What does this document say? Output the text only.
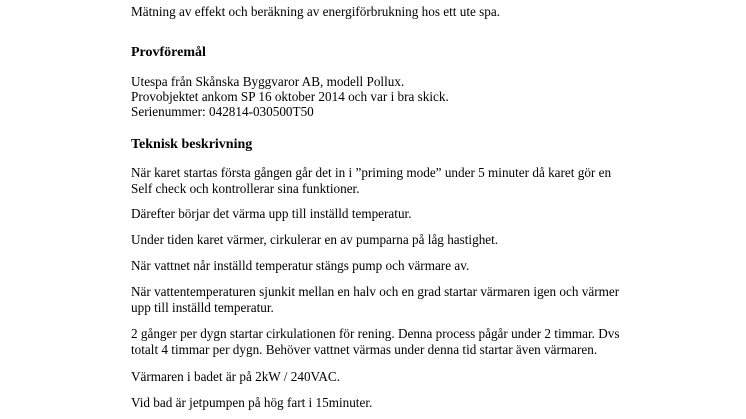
Mätning av effekt och beräkning av energiförbrukning hos ett ute spa.
Provföremål
Utespa från Skånska Byggvaror AB, modell Pollux.
Provobjektet ankom SP 16 oktober 2014 och var i bra skick.
Serienummer: 042814-030500T50
Teknisk beskrivning
När karet startas första gången går det in i ”priming mode” under 5 minuter då karet gör en
Self check och kontrollerar sina funktioner.
Därefter börjar det värma upp till inställd temperatur.
Under tiden karet värmer, cirkulerar en av pumparna på låg hastighet.
När vattnet når inställd temperatur stängs pump och värmare av.
När vattentemperaturen sjunkit mellan en halv och en grad startar värmaren igen och värmer
upp till inställd temperatur.
2 gånger per dygn startar cirkulationen för rening. Denna process pågår under 2 timmar. Dvs
totalt 4 timmar per dygn. Behöver vattnet värmas under denna tid startar även värmaren.
Värmaren i badet är på 2kW / 240VAC.
Vid bad är jetpumpen på hög fart i 15minuter.
